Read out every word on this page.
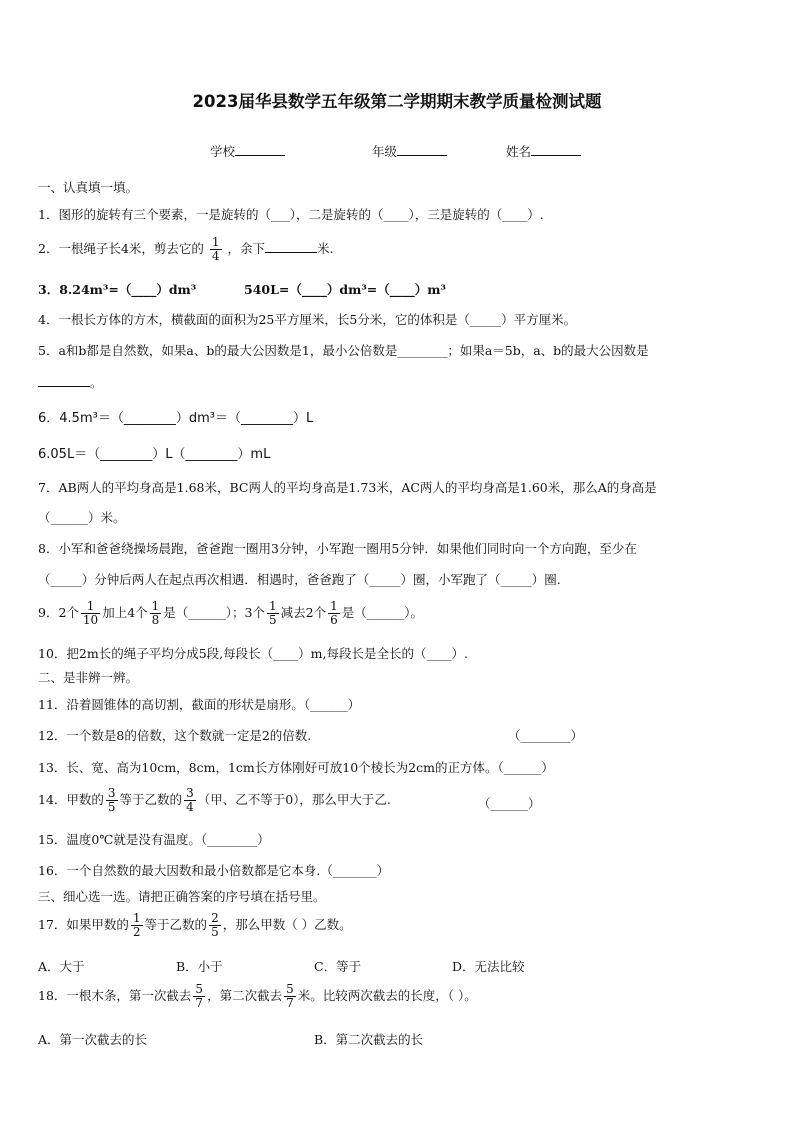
2023届华县数学五年级第二学期期末教学质量检测试题
学校	年级	姓名
一、认真填一填。
1．图形的旋转有三个要素，一是旋转的（___），二是旋转的（____），三是旋转的（____）.
2．一根绳子长4米，剪去它的 $\frac{1}{4}$ ，余下	米.
3．8.24m³=（____）dm³	540L=（____）dm³=（____）m³
4．一根长方体的方木，横截面的面积为25平方厘米，长5分米，它的体积是（_____）平方厘米。
5．a和b都是自然数，如果a、b的最大公因数是1，最小公倍数是________；如果a＝5b，a、b的最大公因数是
。
6．4.5m³＝（________）dm³＝（________）L
6.05L＝（________）L（________）mL
7．AB两人的平均身高是1.68米，BC两人的平均身高是1.73米，AC两人的平均身高是1.60米，那么A的身高是
（______）米。
8．小军和爸爸绕操场晨跑，爸爸跑一圈用3分钟，小军跑一圈用5分钟．如果他们同时向一个方向跑，至少在
（_____）分钟后两人在起点再次相遇．相遇时，爸爸跑了（_____）圈，小军跑了（_____）圈.
9．2个 $\frac{1}{10}$ 加上4个 $\frac{1}{8}$ 是（______）；3个 $\frac{1}{5}$ 减去2个 $\frac{1}{6}$ 是（______）。
10．把2m长的绳子平均分成5段,每段长（____）m,每段长是全长的（____）.
二、是非辨一辨。
11．沿着圆锥体的高切割，截面的形状是扇形。（______）
12．一个数是8的倍数，这个数就一定是2的倍数.	（________）
13．长、宽、高为10cm，8cm，1cm长方体刚好可放10个棱长为2cm的正方体。（______）
14．甲数的 $\frac{3}{5}$ 等于乙数的 $\frac{3}{4}$ （甲、乙不等于0），那么甲大于乙.	（______）
15．温度0℃就是没有温度。（________）
16．一个自然数的最大因数和最小倍数都是它本身.（_______）
三、细心选一选。请把正确答案的序号填在括号里。
17．如果甲数的 $\frac{1}{2}$ 等于乙数的 $\frac{2}{5}$ ，那么甲数（ ）乙数。
A．大于	B．小于	C．等于	D．无法比较
18．一根木条，第一次截去 $\frac{5}{7}$ ，第二次截去 $\frac{5}{7}$ 米。比较两次截去的长度，（ ）。
A．第一次截去的长	B．第二次截去的长
